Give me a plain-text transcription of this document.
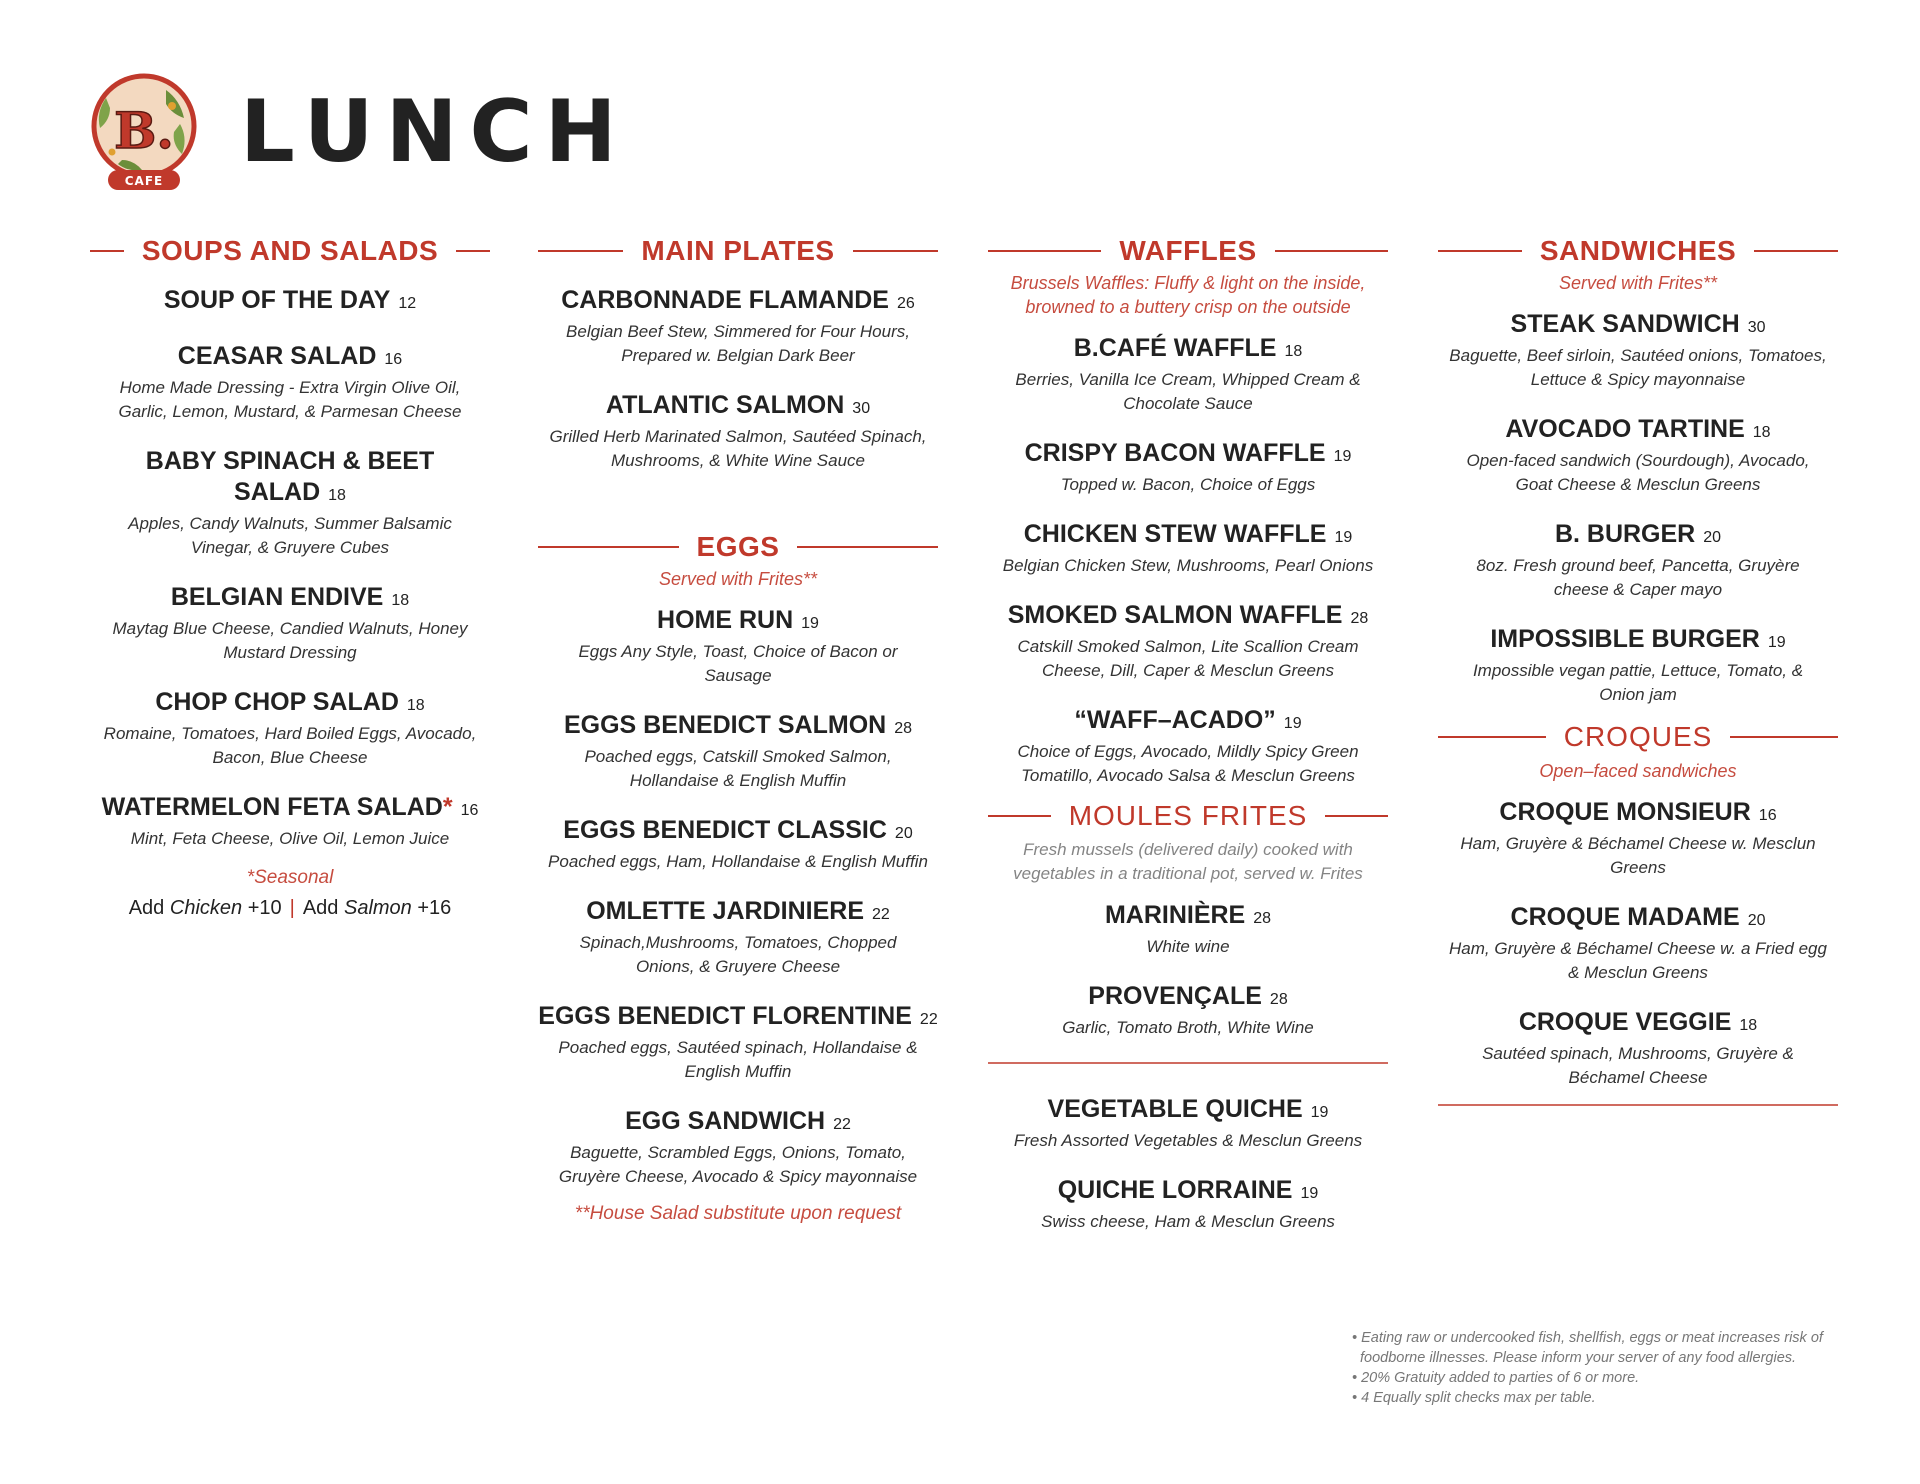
B.
CAFE LUNCH
SOUPS AND SALADS
SOUP OF THE DAY 12
CEASAR SALAD 16
Home Made Dressing - Extra Virgin Olive Oil, Garlic, Lemon, Mustard, & Parmesan Cheese
BABY SPINACH & BEET SALAD 18
Apples, Candy Walnuts, Summer Balsamic Vinegar, & Gruyere Cubes
BELGIAN ENDIVE 18
Maytag Blue Cheese, Candied Walnuts, Honey Mustard Dressing
CHOP CHOP SALAD 18
Romaine, Tomatoes, Hard Boiled Eggs, Avocado, Bacon, Blue Cheese
WATERMELON FETA SALAD* 16
Mint, Feta Cheese, Olive Oil, Lemon Juice
*Seasonal
Add Chicken +10 | Add Salmon +16
MAIN PLATES
CARBONNADE FLAMANDE 26
Belgian Beef Stew, Simmered for Four Hours, Prepared w. Belgian Dark Beer
ATLANTIC SALMON 30
Grilled Herb Marinated Salmon, Sautéed Spinach, Mushrooms, & White Wine Sauce
EGGS
Served with Frites**
HOME RUN 19
Eggs Any Style, Toast, Choice of Bacon or Sausage
EGGS BENEDICT SALMON 28
Poached eggs, Catskill Smoked Salmon, Hollandaise & English Muffin
EGGS BENEDICT CLASSIC 20
Poached eggs, Ham, Hollandaise & English Muffin
OMLETTE JARDINIERE 22
Spinach,Mushrooms, Tomatoes, Chopped Onions, & Gruyere Cheese
EGGS BENEDICT FLORENTINE 22
Poached eggs, Sautéed spinach, Hollandaise & English Muffin
EGG SANDWICH 22
Baguette, Scrambled Eggs, Onions, Tomato, Gruyère Cheese, Avocado & Spicy mayonnaise
**House Salad substitute upon request
WAFFLES
Brussels Waffles: Fluffy & light on the inside, browned to a buttery crisp on the outside
B.CAFÉ WAFFLE 18
Berries, Vanilla Ice Cream, Whipped Cream & Chocolate Sauce
CRISPY BACON WAFFLE 19
Topped w. Bacon, Choice of Eggs
CHICKEN STEW WAFFLE 19
Belgian Chicken Stew, Mushrooms, Pearl Onions
SMOKED SALMON WAFFLE 28
Catskill Smoked Salmon, Lite Scallion Cream Cheese, Dill, Caper & Mesclun Greens
“WAFF–ACADO” 19
Choice of Eggs, Avocado, Mildly Spicy Green Tomatillo, Avocado Salsa & Mesclun Greens
MOULES FRITES
Fresh mussels (delivered daily) cooked with vegetables in a traditional pot, served w. Frites
MARINIÈRE 28
White wine
PROVENÇALE 28
Garlic, Tomato Broth, White Wine
VEGETABLE QUICHE 19
Fresh Assorted Vegetables & Mesclun Greens
QUICHE LORRAINE 19
Swiss cheese, Ham & Mesclun Greens
SANDWICHES
Served with Frites**
STEAK SANDWICH 30
Baguette, Beef sirloin, Sautéed onions, Tomatoes, Lettuce & Spicy mayonnaise
AVOCADO TARTINE 18
Open-faced sandwich (Sourdough), Avocado, Goat Cheese & Mesclun Greens
B. BURGER 20
8oz. Fresh ground beef, Pancetta, Gruyère cheese & Caper mayo
IMPOSSIBLE BURGER 19
Impossible vegan pattie, Lettuce, Tomato, & Onion jam
CROQUES
Open–faced sandwiches
CROQUE MONSIEUR 16
Ham, Gruyère & Béchamel Cheese w. Mesclun Greens
CROQUE MADAME 20
Ham, Gruyère & Béchamel Cheese w. a Fried egg & Mesclun Greens
CROQUE VEGGIE 18
Sautéed spinach, Mushrooms, Gruyère & Béchamel Cheese
• Eating raw or undercooked fish, shellfish, eggs or meat increases risk of foodborne illnesses. Please inform your server of any food allergies.
• 20% Gratuity added to parties of 6 or more.
• 4 Equally split checks max per table.
